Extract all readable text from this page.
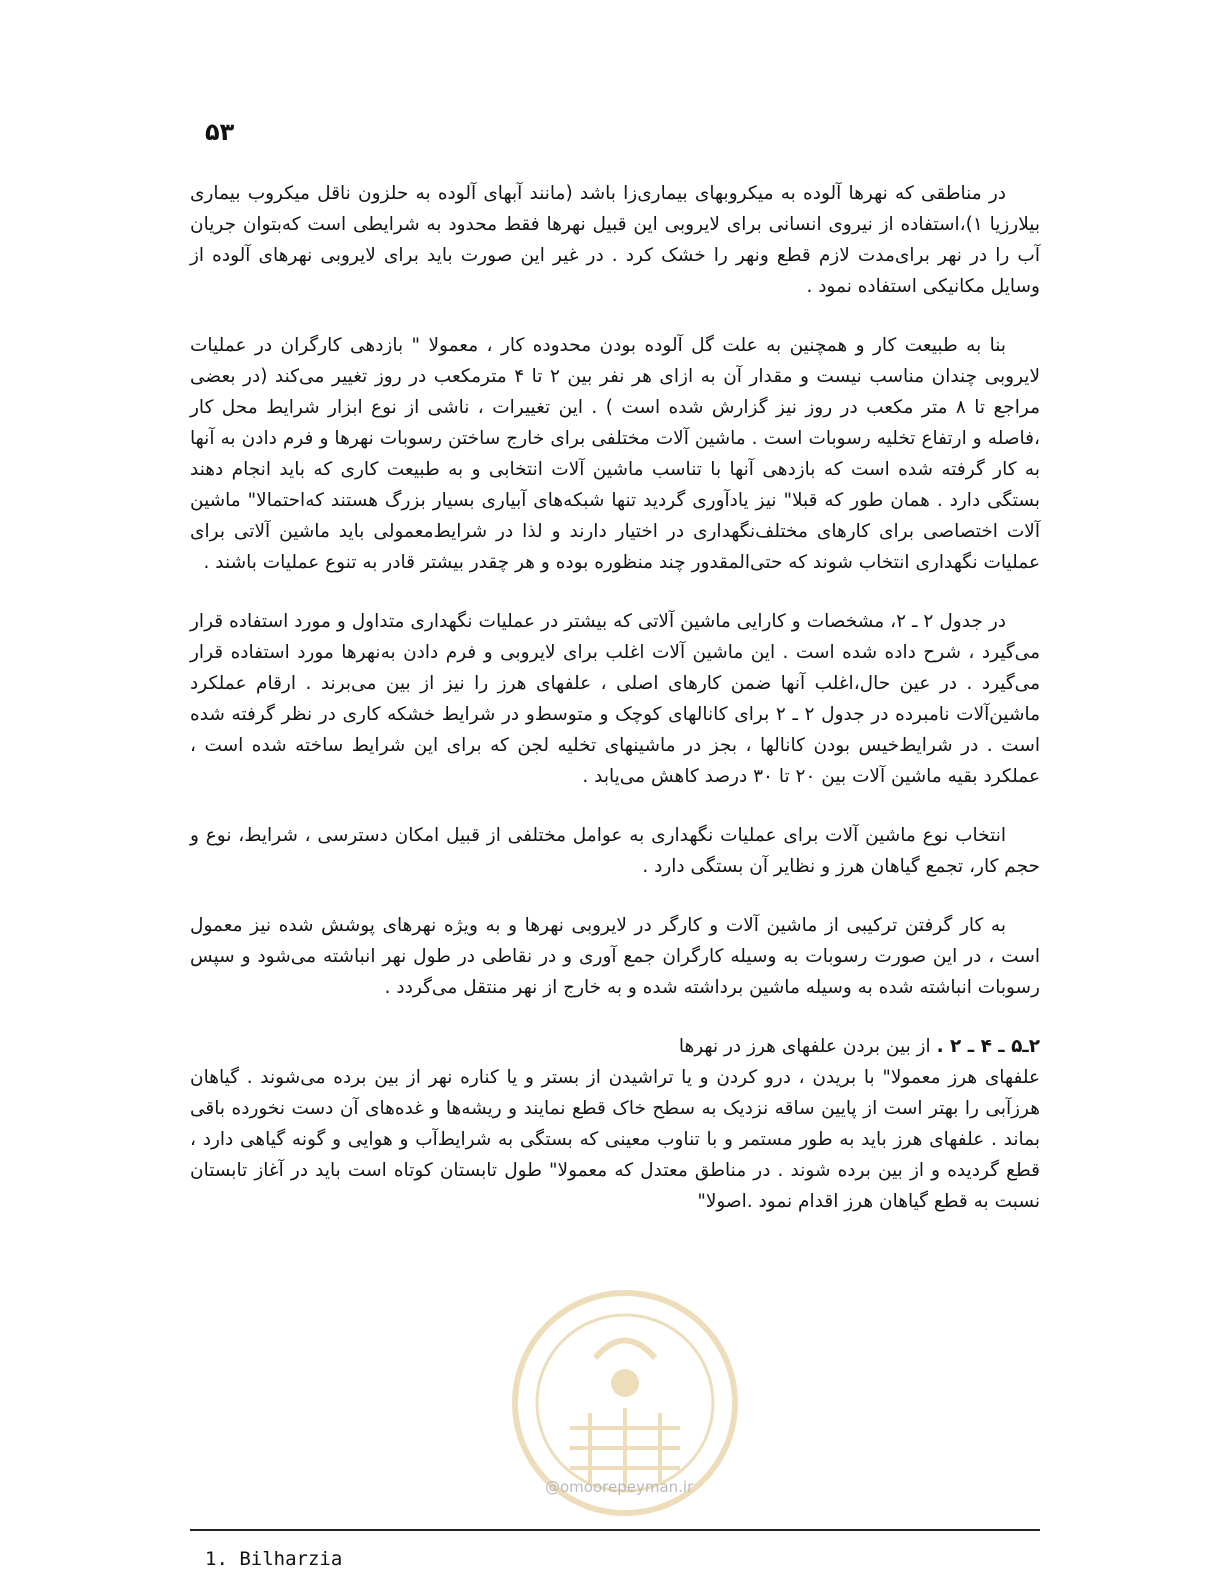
۵۳

در مناطقی که نهرها آلوده به میکروبهای بیماری‌زا باشد (مانند آبهای آلوده به حلزون ناقل میکروب بیماری بیلارزیا ۱)،استفاده از نیروی انسانی برای لایروبی این قبیل نهرها فقط محدود به شرایطی است که‌بتوان جریان آب را در نهر برای‌مدت لازم قطع ونهر را خشک کرد . در غیر این صورت باید برای لایروبی نهرهای آلوده از وسایل مکانیکی استفاده نمود .

بنا به طبیعت کار و همچنین به علت گل آلوده بودن محدوده کار ، معمولا " بازدهی کارگران در عملیات لایروبی چندان مناسب نیست و مقدار آن به ازای هر نفر بین ۲ تا ۴ مترمکعب در روز تغییر می‌کند (در بعضی مراجع تا ۸ متر مکعب در روز نیز گزارش شده است ) . این تغییرات ، ناشی از نوع ابزار شرایط محل کار ،فاصله و ارتفاع تخلیه رسوبات است . ماشین آلات مختلفی برای خارج ساختن رسوبات نهرها و فرم دادن به آنها به کار گرفته شده است که بازدهی آنها با تناسب ماشین آلات انتخابی و به طبیعت کاری که باید انجام دهند بستگی دارد . همان طور که قبلا" نیز یادآوری گردید تنها شبکه‌های آبیاری بسیار بزرگ هستند که‌احتمالا" ماشین آلات اختصاصی برای کارهای مختلف‌نگهداری در اختیار دارند و لذا در شرایط‌معمولی باید ماشین آلاتی برای عملیات نگهداری انتخاب شوند که حتی‌المقدور چند منظوره بوده و هر چقدر بیشتر قادر به تنوع عملیات باشند .

در جدول ۲ ـ ۲، مشخصات و کارایی ماشین آلاتی که بیشتر در عملیات نگهداری متداول و مورد استفاده قرار می‌گیرد ، شرح داده شده است . این ماشین آلات اغلب برای لایروبی و فرم دادن به‌نهرها مورد استفاده قرار می‌گیرد . در عین حال،اغلب آنها ضمن کارهای اصلی ، علفهای هرز را نیز از بین می‌برند . ارقام عملکرد ماشین‌آلات نامبرده در جدول ۲ ـ ۲ برای کانالهای کوچک و متوسط‌و در شرایط خشکه کاری در نظر گرفته شده است . در شرایط‌خیس بودن کانالها ، بجز در ماشینهای تخلیه لجن که برای این شرایط ساخته شده است ، عملکرد بقیه ماشین آلات بین ۲۰ تا ۳۰ درصد کاهش می‌یابد .

انتخاب نوع ماشین آلات برای عملیات نگهداری به عوامل مختلفی از قبیل امکان دسترسی ، شرایط، نوع و حجم کار، تجمع گیاهان هرز و نظایر آن بستگی دارد .

به کار گرفتن ترکیبی از ماشین آلات و کارگر در لایروبی نهرها و به ویژه نهرهای پوشش شده نیز معمول است ، در این صورت رسوبات به وسیله کارگران جمع آوری و در نقاطی در طول نهر انباشته می‌شود و سپس رسوبات انباشته شده به وسیله ماشین برداشته شده و به خارج از نهر منتقل می‌گردد .

۲ـ۵ ـ ۴ ـ ۲ . از بین بردن علفهای هرز در نهرها

علفهای هرز معمولا" با بریدن ، درو کردن و یا تراشیدن از بستر و یا کناره نهر از بین برده می‌شوند . گیاهان هرزآبی را بهتر است از پایین ساقه نزدیک به سطح خاک قطع نمایند و ریشه‌ها و غده‌های آن دست نخورده باقی بماند . علفهای هرز باید به طور مستمر و با تناوب معینی که بستگی به شرایط‌آب و هوایی و گونه گیاهی دارد ، قطع گردیده و از بین برده شوند . در مناطق معتدل که معمولا" طول تابستان کوتاه است باید در آغاز تابستان نسبت به قطع گیاهان هرز اقدام نمود .اصولا"

@omoorepeyman.ir
1. Bilharzia
